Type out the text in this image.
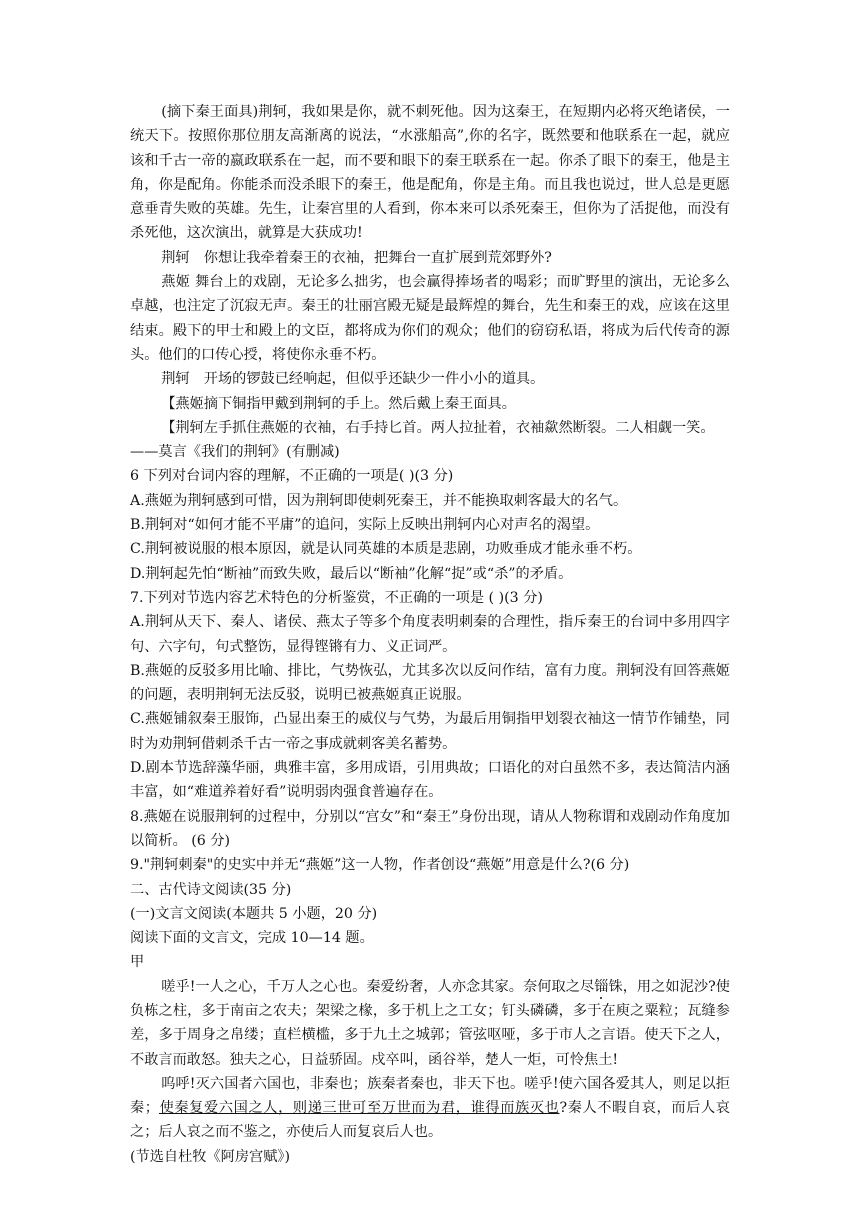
(摘下秦王面具)荆轲，我如果是你，就不刺死他。因为这秦王，在短期内必将灭绝诸侯，一统天下。按照你那位朋友高渐离的说法，“水涨船高”,你的名字，既然要和他联系在一起，就应该和千古一帝的嬴政联系在一起，而不要和眼下的秦王联系在一起。你杀了眼下的秦王，他是主角，你是配角。你能杀而没杀眼下的秦王，他是配角，你是主角。而且我也说过，世人总是更愿意垂青失败的英雄。先生，让秦宫里的人看到，你本来可以杀死秦王，但你为了活捉他，而没有杀死他，这次演出，就算是大获成功!

荆轲　你想让我牵着秦王的衣袖，把舞台一直扩展到荒郊野外?

燕姬 舞台上的戏剧，无论多么拙劣，也会赢得捧场者的喝彩；而旷野里的演出，无论多么卓越，也注定了沉寂无声。秦王的壮丽宫殿无疑是最辉煌的舞台，先生和秦王的戏，应该在这里结束。殿下的甲士和殿上的文臣，都将成为你们的观众；他们的窃窃私语，将成为后代传奇的源头。他们的口传心授，将使你永垂不朽。

荆轲　开场的锣鼓已经响起，但似乎还缺少一件小小的道具。

【燕姬摘下铜指甲戴到荆轲的手上。然后戴上秦王面具。

【荆轲左手抓住燕姬的衣袖，右手持匕首。两人拉扯着，衣袖歘然断裂。二人相觑一笑。

——莫言《我们的荆轲》(有删减)

6 下列对台词内容的理解，不正确的一项是( )(3 分)

A.燕姬为荆轲感到可惜，因为荆轲即使刺死秦王，并不能换取刺客最大的名气。

B.荆轲对“如何才能不平庸”的追问，实际上反映出荆轲内心对声名的渴望。

C.荆轲被说服的根本原因，就是认同英雄的本质是悲剧，功败垂成才能永垂不朽。

D.荆轲起先怕“断袖”而致失败，最后以“断袖”化解“捉”或“杀”的矛盾。

7.下列对节选内容艺术特色的分析鉴赏，不正确的一项是 ( )(3 分)

A.荆轲从天下、秦人、诸侯、燕太子等多个角度表明刺秦的合理性，指斥秦王的台词中多用四字句、六字句，句式整饬，显得铿锵有力、义正词严。

B.燕姬的反驳多用比喻、排比，气势恢弘，尤其多次以反问作结，富有力度。荆轲没有回答燕姬的问题，表明荆轲无法反驳，说明已被燕姬真正说服。

C.燕姬铺叙秦王服饰，凸显出秦王的威仪与气势，为最后用铜指甲划裂衣袖这一情节作铺垫，同时为劝荆轲借刺杀千古一帝之事成就刺客美名蓄势。

D.剧本节选辞藻华丽，典雅丰富，多用成语，引用典故；口语化的对白虽然不多，表达简洁内涵丰富，如“难道养着好看”说明弱肉强食普遍存在。

8.燕姬在说服荆轲的过程中，分别以“宫女”和“秦王”身份出现，请从人物称谓和戏剧动作角度加以简析。 (6 分)

9."荆轲刺秦"的史实中并无“燕姬”这一人物，作者创设“燕姬”用意是什么?(6 分)

二、古代诗文阅读(35 分)

(一)文言文阅读(本题共 5 小题，20 分)

阅读下面的文言文，完成 10—14 题。

甲

嗟乎!一人之心，千万人之心也。秦爱纷奢，人亦念其家。奈何取之尽锱铢，用之如泥沙?使负栋之柱，多于南亩之农夫；架梁之椽，多于机上之工女；钉头磷磷，多于在庾之粟粒；瓦缝参差，多于周身之帛缕；直栏横槛，多于九土之城郭；管弦呕哑，多于市人之言语。使天下之人，不敢言而敢怒。独夫之心，日益骄固。戍卒叫，函谷举，楚人一炬，可怜焦土!

呜呼!灭六国者六国也，非秦也；族秦者秦也，非天下也。嗟乎!使六国各爱其人，则足以拒秦；使秦复爱六国之人，则递三世可至万世而为君，谁得而族灭也?秦人不暇自哀，而后人哀之；后人哀之而不鉴之，亦使后人而复哀后人也。

(节选自杜牧《阿房宫赋》)
